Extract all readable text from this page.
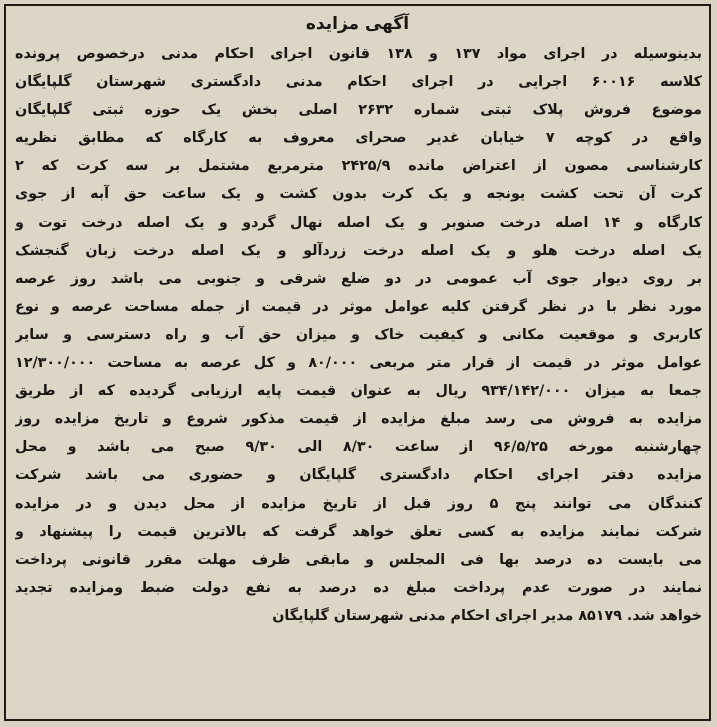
آگهی مزایده
بدینوسیله در اجرای مواد ۱۳۷ و ۱۳۸ قانون اجرای احکام مدنی درخصوص پرونده
کلاسه ۶۰۰۱۶ اجرایی در اجرای احکام مدنی دادگستری شهرستان گلپایگان
موضوع فروش پلاک ثبتی شماره ۲۶۳۲ اصلی بخش یک حوزه ثبتی گلپایگان
واقع در کوچه ۷ خیابان غدیر صحرای معروف به کارگاه که مطابق نظریه
کارشناسی مصون از اعتراض مانده ۲۴۲۵/۹ مترمربع مشتمل بر سه کرت که ۲
کرت آن تحت کشت یونجه و یک کرت بدون کشت و یک ساعت حق آبه از جوی
کارگاه و ۱۴ اصله درخت صنوبر و یک اصله نهال گردو و یک اصله درخت توت و
یک اصله درخت هلو و یک اصله درخت زردآلو و یک اصله درخت زبان گنجشک
بر روی دیوار جوی آب عمومی در دو ضلع شرقی و جنوبی می باشد روز عرصه
مورد نظر با در نظر گرفتن کلیه عوامل موثر در قیمت از جمله مساحت عرصه و نوع
کاربری و موقعیت مکانی و کیفیت خاک و میزان حق آب و راه دسترسی و سایر
عوامل موثر در قیمت از قرار متر مربعی ۸۰/۰۰۰ و کل عرصه به مساحت ۱۲/۳۰۰/۰۰۰
جمعا به میزان ۹۳۴/۱۴۲/۰۰۰ ریال به عنوان قیمت پایه ارزیابی گردیده که از طریق
مزایده به فروش می رسد مبلغ مزایده از قیمت مذکور شروع و تاریخ مزایده روز
چهارشنبه مورخه ۹۶/۵/۲۵ از ساعت ۸/۳۰ الی ۹/۳۰ صبح می باشد و محل
مزایده دفتر اجرای احکام دادگستری گلپایگان و حضوری می باشد شرکت
کنندگان می توانند پنج ۵ روز قبل از تاریخ مزایده از محل دیدن و در مزایده
شرکت نمایند مزایده به کسی تعلق خواهد گرفت که بالاترین قیمت را پیشنهاد و
می بایست ده درصد بها فی المجلس و مابقی ظرف مهلت مقرر قانونی پرداخت
نمایند در صورت عدم پرداخت مبلغ ده درصد به نفع دولت ضبط ومزایده تجدید
خواهد شد. ۸۵۱۷۹ مدیر اجرای احکام مدنی شهرستان گلپایگان
